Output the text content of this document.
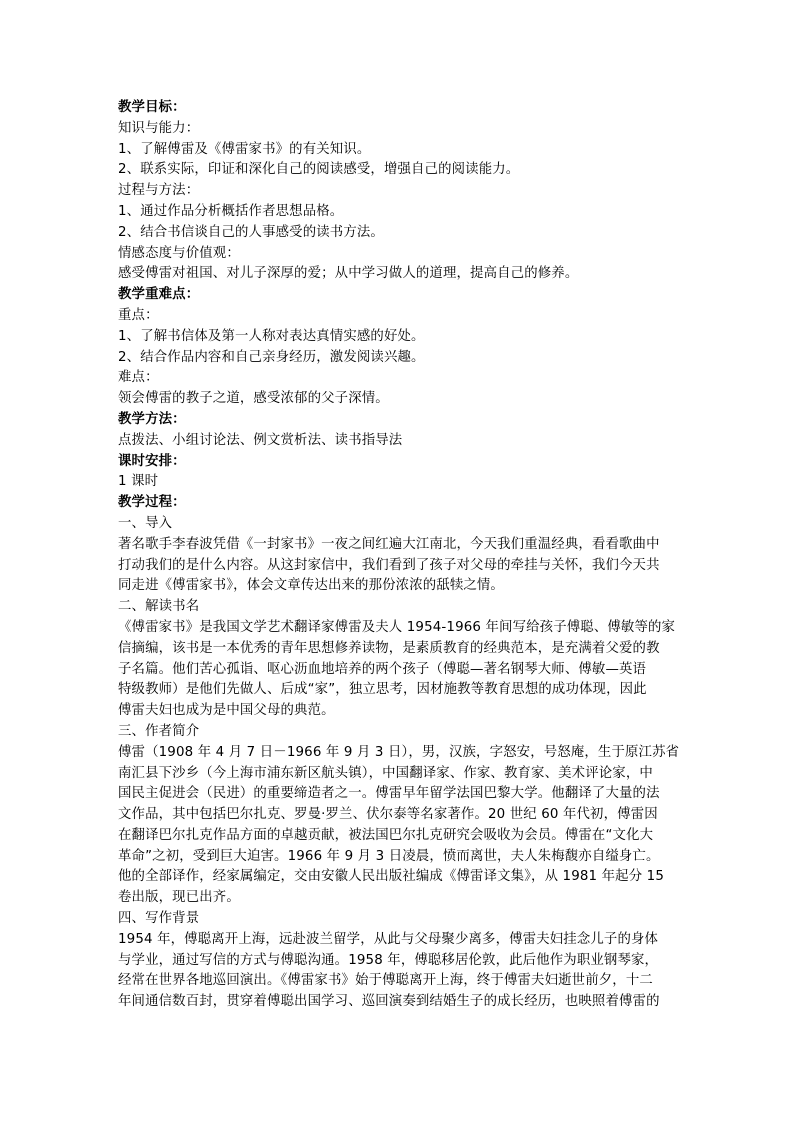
教学目标：
知识与能力：
1、了解傅雷及《傅雷家书》的有关知识。
2、联系实际，印证和深化自己的阅读感受，增强自己的阅读能力。
过程与方法：
1、通过作品分析概括作者思想品格。
2、结合书信谈自己的人事感受的读书方法。
情感态度与价值观：
感受傅雷对祖国、对儿子深厚的爱；从中学习做人的道理，提高自己的修养。
教学重难点：
重点：
1、了解书信体及第一人称对表达真情实感的好处。
2、结合作品内容和自己亲身经历，激发阅读兴趣。
难点：
领会傅雷的教子之道，感受浓郁的父子深情。
教学方法：
点拨法、小组讨论法、例文赏析法、读书指导法
课时安排：
1 课时
教学过程：
一、导入
著名歌手李春波凭借《一封家书》一夜之间红遍大江南北，今天我们重温经典，看看歌曲中
打动我们的是什么内容。从这封家信中，我们看到了孩子对父母的牵挂与关怀，我们今天共
同走进《傅雷家书》，体会文章传达出来的那份浓浓的舐犊之情。
二、解读书名
《傅雷家书》是我国文学艺术翻译家傅雷及夫人 1954-1966 年间写给孩子傅聪、傅敏等的家
信摘编，该书是一本优秀的青年思想修养读物，是素质教育的经典范本，是充满着父爱的教
子名篇。他们苦心孤诣、呕心沥血地培养的两个孩子（傅聪—著名钢琴大师、傅敏—英语
特级教师）是他们先做人、后成“家”，独立思考，因材施教等教育思想的成功体现，因此
傅雷夫妇也成为是中国父母的典范。
三、作者简介
傅雷（1908 年 4 月 7 日－1966 年 9 月 3 日），男，汉族，字怒安，号怒庵，生于原江苏省
南汇县下沙乡（今上海市浦东新区航头镇），中国翻译家、作家、教育家、美术评论家，中
国民主促进会（民进）的重要缔造者之一。傅雷早年留学法国巴黎大学。他翻译了大量的法
文作品，其中包括巴尔扎克、罗曼·罗兰、伏尔泰等名家著作。20 世纪 60 年代初，傅雷因
在翻译巴尔扎克作品方面的卓越贡献，被法国巴尔扎克研究会吸收为会员。傅雷在“文化大
革命”之初，受到巨大迫害。1966 年 9 月 3 日凌晨，愤而离世，夫人朱梅馥亦自缢身亡。
他的全部译作，经家属编定，交由安徽人民出版社编成《傅雷译文集》，从 1981 年起分 15
卷出版，现已出齐。
四、写作背景
1954 年，傅聪离开上海，远赴波兰留学，从此与父母聚少离多，傅雷夫妇挂念儿子的身体
与学业，通过写信的方式与傅聪沟通。1958 年，傅聪移居伦敦，此后他作为职业钢琴家，
经常在世界各地巡回演出。《傅雷家书》始于傅聪离开上海，终于傅雷夫妇逝世前夕，十二
年间通信数百封，贯穿着傅聪出国学习、巡回演奏到结婚生子的成长经历，也映照着傅雷的
